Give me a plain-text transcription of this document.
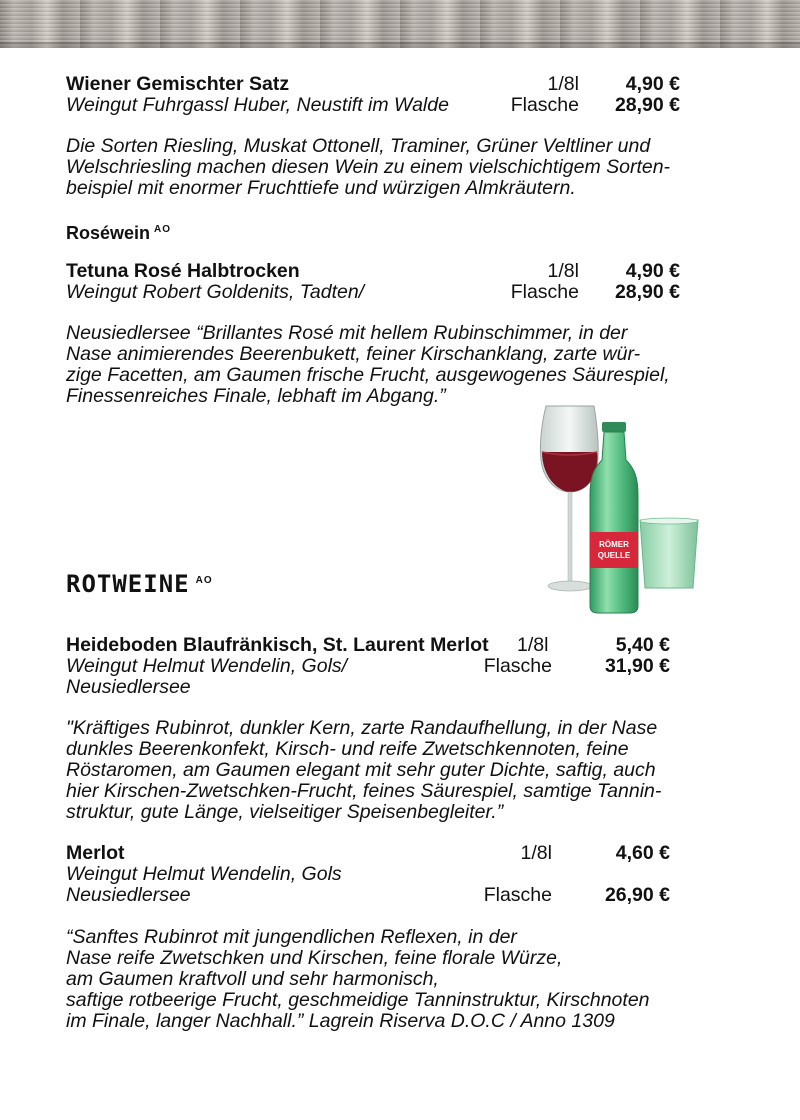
Wiener Gemischter Satz
Weingut Fuhrgassl Huber, Neustift im Walde
1/8l
Flasche
4,90 €
28,90 €
Die Sorten Riesling, Muskat Ottonell, Traminer, Grüner Veltliner und
Welschriesling machen diesen Wein zu einem vielschichtigem Sorten-
beispiel mit enormer Fruchttiefe und würzigen Almkräutern.
Roséwein $^{AO}$
Tetuna Rosé Halbtrocken
Weingut Robert Goldenits, Tadten/
1/8l
Flasche
4,90 €
28,90 €
Neusiedlersee “Brillantes Rosé mit hellem Rubinschimmer, in der
Nase animierendes Beerenbukett, feiner Kirschanklang, zarte wür-
zige Facetten, am Gaumen frische Frucht, ausgewogenes Säurespiel,
Finessenreiches Finale, lebhaft im Abgang.”
RÖMER
QUELLE
ROTWEINE $^{AO}$
Heideboden Blaufränkisch, St. Laurent Merlot
Weingut Helmut Wendelin, Gols/
Neusiedlersee
1/8l
Flasche
5,40 €
31,90 €
"Kräftiges Rubinrot, dunkler Kern, zarte Randaufhellung, in der Nase
dunkles Beerenkonfekt, Kirsch- und reife Zwetschkennoten, feine
Röstaromen, am Gaumen elegant mit sehr guter Dichte, saftig, auch
hier Kirschen-Zwetschken-Frucht, feines Säurespiel, samtige Tannin-
struktur, gute Länge, vielseitiger Speisenbegleiter.”
Merlot
Weingut Helmut Wendelin, Gols
Neusiedlersee
1/8l
Flasche
4,60 €
26,90 €
“Sanftes Rubinrot mit jungendlichen Reflexen, in der
Nase reife Zwetschken und Kirschen, feine florale Würze,
am Gaumen kraftvoll und sehr harmonisch,
saftige rotbeerige Frucht, geschmeidige Tanninstruktur, Kirschnoten
im Finale, langer Nachhall.” Lagrein Riserva D.O.C / Anno 1309
